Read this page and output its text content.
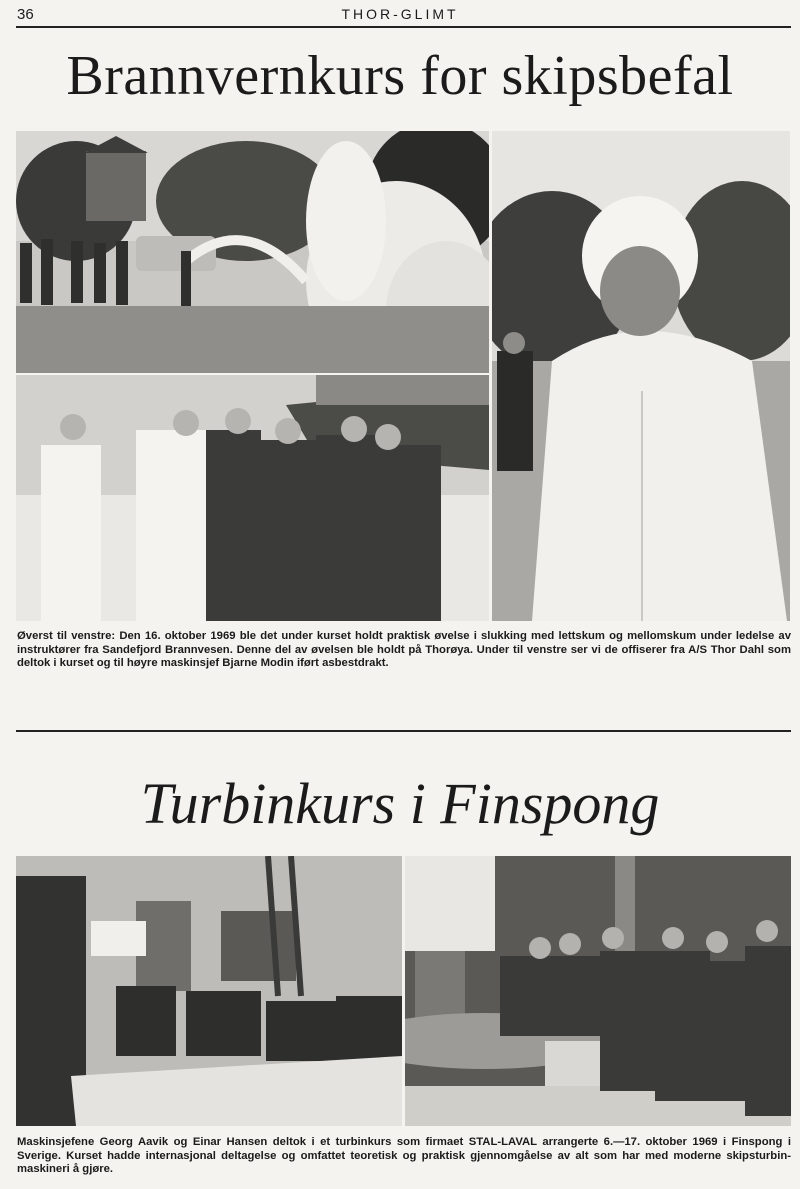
36	THOR-GLIMT
Brannvernkurs for skipsbefal
Øverst til venstre: Den 16. oktober 1969 ble det under kurset holdt praktisk øvelse i slukking med lettskum og mellomskum under ledelse av instruktører fra Sandefjord Brannvesen. Denne del av øvelsen ble holdt på Thorøya. Under til venstre ser vi de offiserer fra A/S Thor Dahl som deltok i kurset og til høyre maskinsjef Bjarne Modin iført asbestdrakt.
Turbinkurs i Finspong
Maskinsjefene Georg Aavik og Einar Hansen deltok i et turbinkurs som firmaet STAL-LAVAL arrangerte 6.—17. oktober 1969 i Finspong i Sverige. Kurset hadde internasjonal deltagelse og omfattet teoretisk og praktisk gjennomgåelse av alt som har med moderne skipsturbin-maskineri å gjøre.
